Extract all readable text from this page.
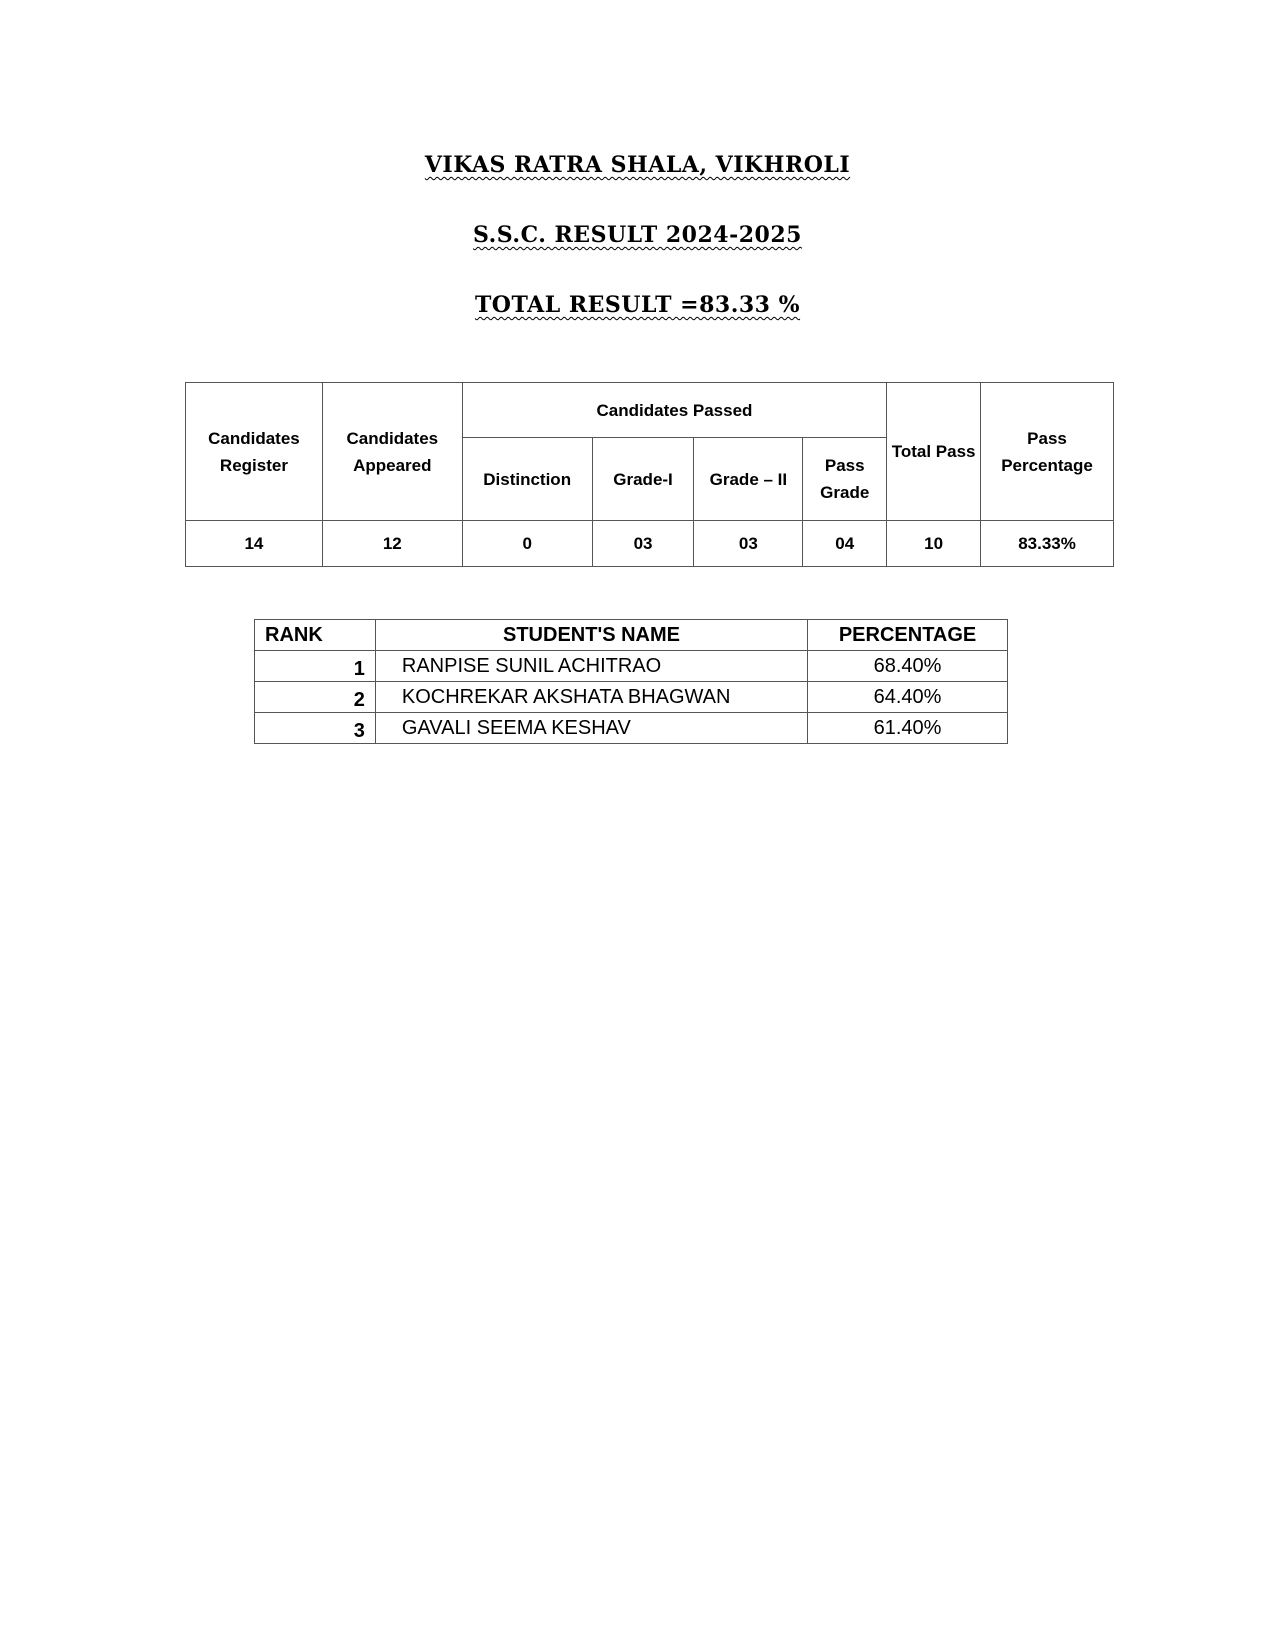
VIKAS RATRA SHALA, VIKHROLI
S.S.C. RESULT 2024-2025
TOTAL RESULT =83.33 %
Candidates Register	Candidates Appeared	Candidates Passed				Total Pass	Pass Percentage
		Distinction	Grade-I	Grade – II	Pass Grade		
14	12	0	03	03	04	10	83.33%
RANK	STUDENT'S NAME	PERCENTAGE
1	RANPISE SUNIL ACHITRAO	68.40%
2	KOCHREKAR AKSHATA BHAGWAN	64.40%
3	GAVALI SEEMA KESHAV	61.40%
